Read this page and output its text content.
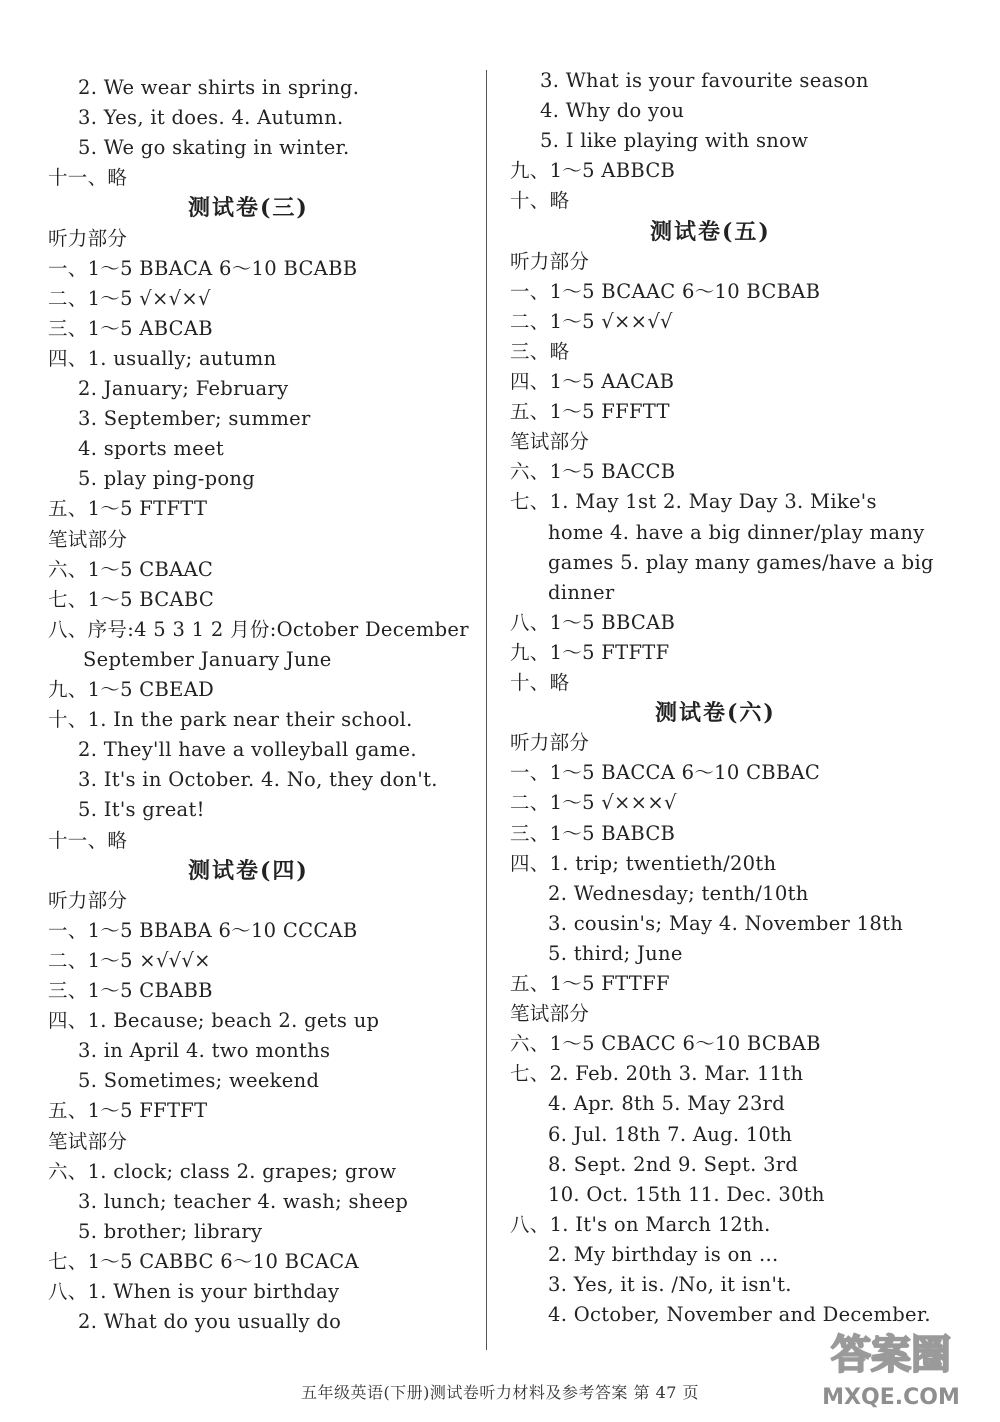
2. We wear shirts in spring.
3. Yes, it does. 4. Autumn.
5. We go skating in winter.
十一、略
测试卷(三)
听力部分
一、1～5 BBACA 6～10 BCABB
二、1～5 √×√×√
三、1～5 ABCAB
四、1. usually; autumn
2. January; February
3. September; summer
4. sports meet
5. play ping-pong
五、1～5 FTFTT
笔试部分
六、1～5 CBAAC
七、1～5 BCABC
八、序号:4 5 3 1 2 月份:October December
September January June
九、1～5 CBEAD
十、1. In the park near their school.
2. They'll have a volleyball game.
3. It's in October. 4. No, they don't.
5. It's great!
十一、略
测试卷(四)
听力部分
一、1～5 BBABA 6～10 CCCAB
二、1～5 ×√√√×
三、1～5 CBABB
四、1. Because; beach 2. gets up
3. in April 4. two months
5. Sometimes; weekend
五、1～5 FFTFT
笔试部分
六、1. clock; class 2. grapes; grow
3. lunch; teacher 4. wash; sheep
5. brother; library
七、1～5 CABBC 6～10 BCACA
八、1. When is your birthday
2. What do you usually do
3. What is your favourite season
4. Why do you
5. I like playing with snow
九、1～5 ABBCB
十、略
测试卷(五)
听力部分
一、1～5 BCAAC 6～10 BCBAB
二、1～5 √××√√
三、略
四、1～5 AACAB
五、1～5 FFFTT
笔试部分
六、1～5 BACCB
七、1. May 1st 2. May Day 3. Mike's
home 4. have a big dinner/play many
games 5. play many games/have a big
dinner
八、1～5 BBCAB
九、1～5 FTFTF
十、略
测试卷(六)
听力部分
一、1～5 BACCA 6～10 CBBAC
二、1～5 √×××√
三、1～5 BABCB
四、1. trip; twentieth/20th
2. Wednesday; tenth/10th
3. cousin's; May 4. November 18th
5. third; June
五、1～5 FTTFF
笔试部分
六、1～5 CBACC 6～10 BCBAB
七、2. Feb. 20th 3. Mar. 11th
4. Apr. 8th 5. May 23rd
6. Jul. 18th 7. Aug. 10th
8. Sept. 2nd 9. Sept. 3rd
10. Oct. 15th 11. Dec. 30th
八、1. It's on March 12th.
2. My birthday is on ...
3. Yes, it is. /No, it isn't.
4. October, November and December.
五年级英语(下册)测试卷听力材料及参考答案 第 47 页
答案圈
MXQE.COM
